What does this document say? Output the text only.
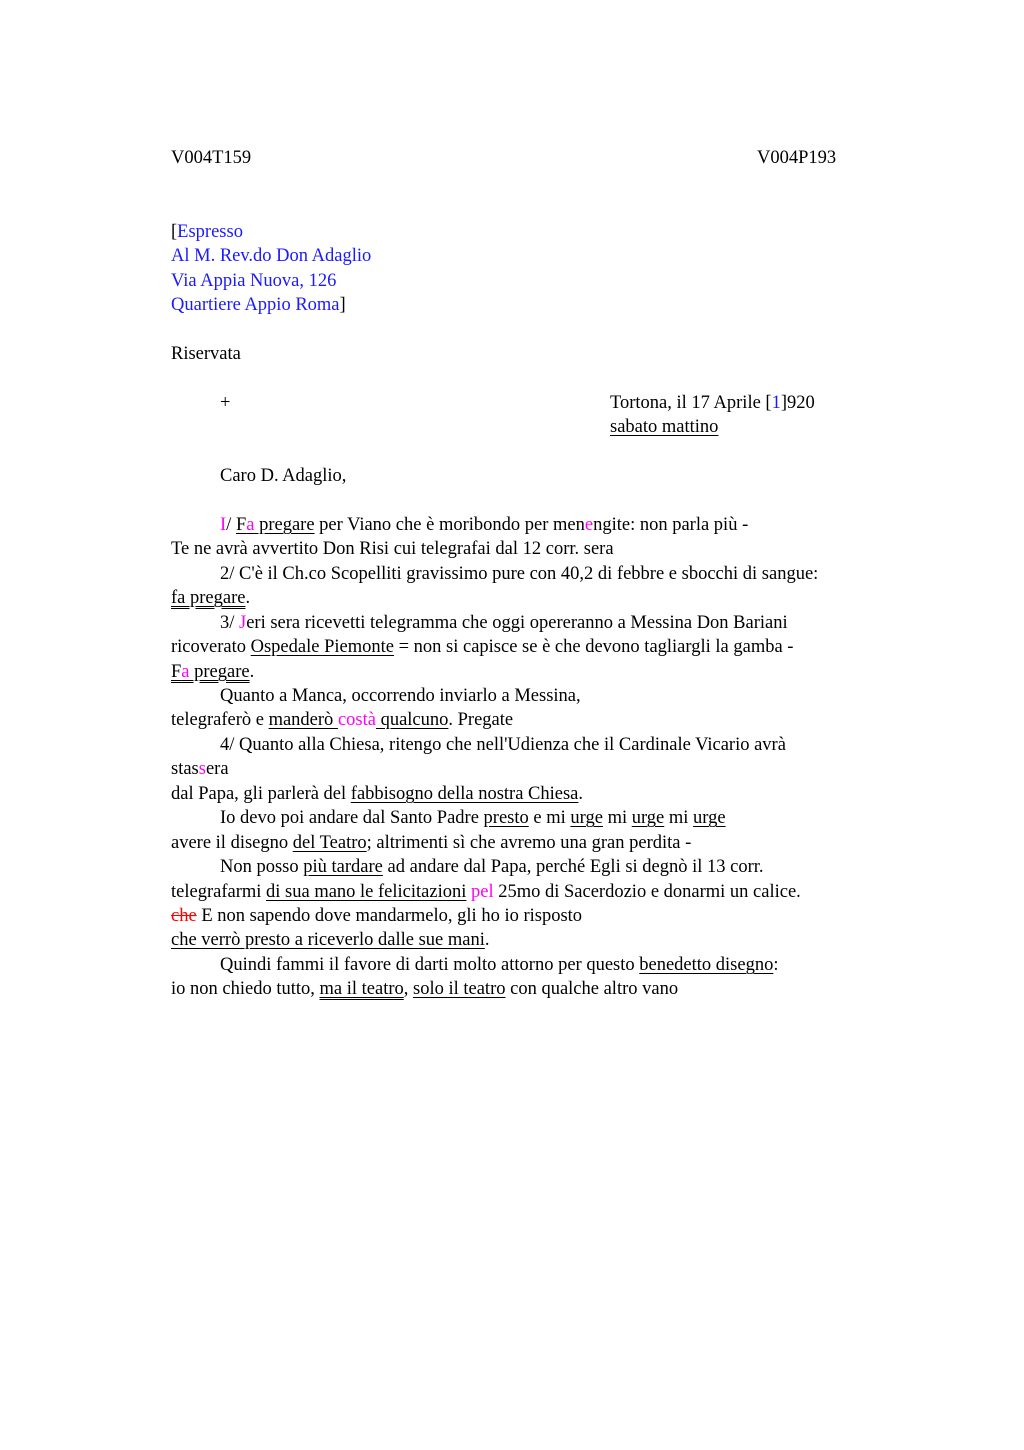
V004T159	V004P193
[Espresso
Al M. Rev.do Don Adaglio
Via Appia Nuova, 126
Quartiere Appio Roma]
Riservata
+	Tortona, il 17 Aprile [1]920
sabato mattino
Caro D. Adaglio,
I/ Fa pregare per Viano che è moribondo per menengite: non parla più -
Te ne avrà avvertito Don Risi cui telegrafai dal 12 corr. sera
2/ C'è il Ch.co Scopelliti gravissimo pure con 40,2 di febbre e sbocchi di sangue:
fa pregare.
3/ Jeri sera ricevetti telegramma che oggi opereranno a Messina Don Bariani
ricoverato Ospedale Piemonte = non si capisce se è che devono tagliargli la gamba -
Fa pregare.
Quanto a Manca, occorrendo inviarlo a Messina,
telegraferò e manderò costà qualcuno. Pregate
4/ Quanto alla Chiesa, ritengo che nell'Udienza che il Cardinale Vicario avrà
stassera
dal Papa, gli parlerà del fabbisogno della nostra Chiesa.
Io devo poi andare dal Santo Padre presto e mi urge mi urge mi urge
avere il disegno del Teatro; altrimenti sì che avremo una gran perdita -
Non posso più tardare ad andare dal Papa, perché Egli si degnò il 13 corr.
telegrafarmi di sua mano le felicitazioni pel 25mo di Sacerdozio e donarmi un calice.
che E non sapendo dove mandarmelo, gli ho io risposto
che verrò presto a riceverlo dalle sue mani.
Quindi fammi il favore di darti molto attorno per questo benedetto disegno:
io non chiedo tutto, ma il teatro, solo il teatro con qualche altro vano
